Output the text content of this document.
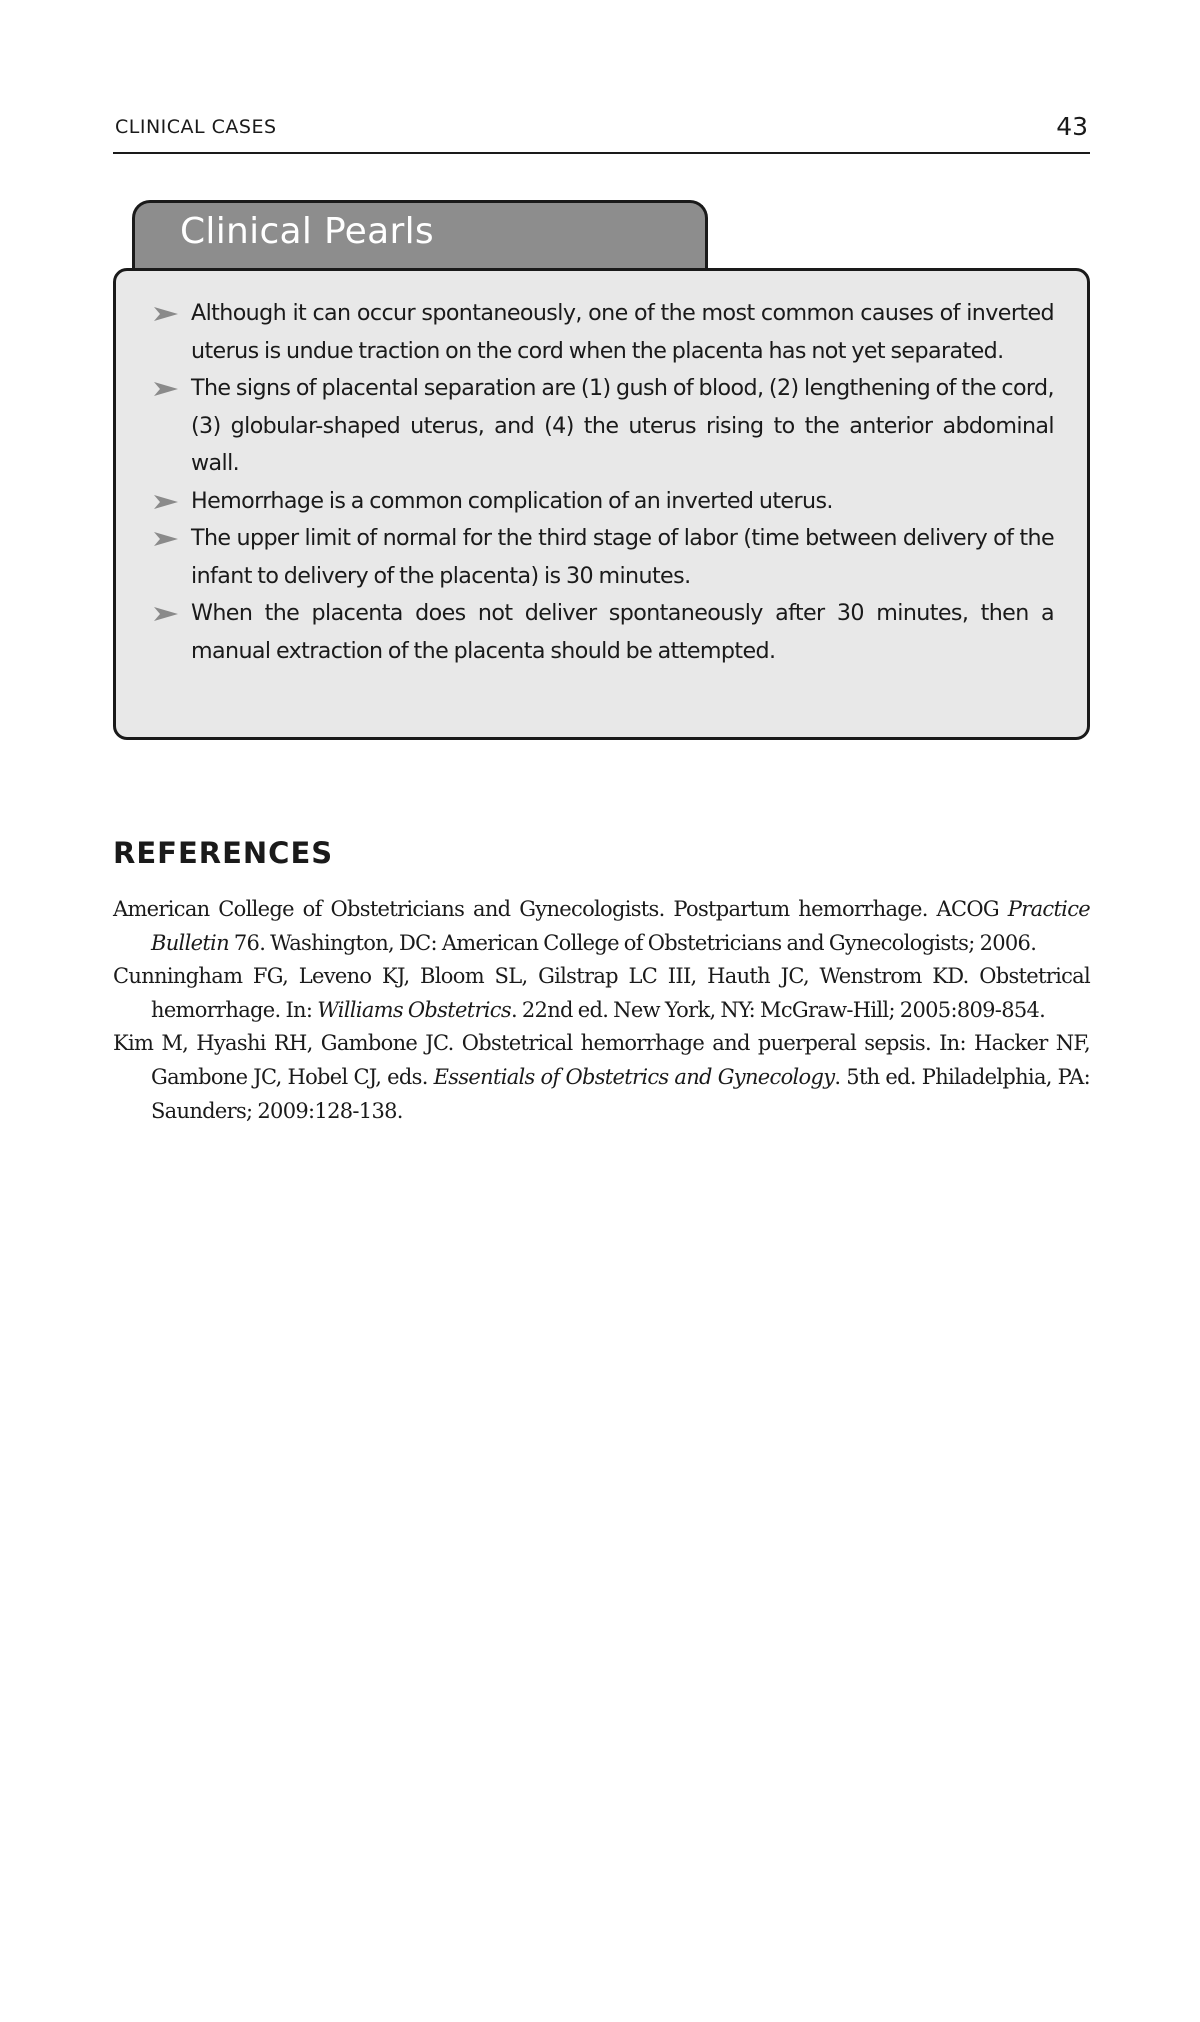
CLINICAL CASES	43
Clinical Pearls
Although it can occur spontaneously, one of the most common causes of inverted uterus is undue traction on the cord when the placenta has not yet separated.
The signs of placental separation are (1) gush of blood, (2) lengthening of the cord, (3) globular-shaped uterus, and (4) the uterus rising to the anterior abdominal wall.
Hemorrhage is a common complication of an inverted uterus.
The upper limit of normal for the third stage of labor (time between delivery of the infant to delivery of the placenta) is 30 minutes.
When the placenta does not deliver spontaneously after 30 minutes, then a manual extraction of the placenta should be attempted.
REFERENCES
American College of Obstetricians and Gynecologists. Postpartum hemorrhage. ACOG Practice Bulletin 76. Washington, DC: American College of Obstetricians and Gynecologists; 2006.
Cunningham FG, Leveno KJ, Bloom SL, Gilstrap LC III, Hauth JC, Wenstrom KD. Obstetrical hemorrhage. In: Williams Obstetrics. 22nd ed. New York, NY: McGraw-Hill; 2005:809-854.
Kim M, Hyashi RH, Gambone JC. Obstetrical hemorrhage and puerperal sepsis. In: Hacker NF, Gambone JC, Hobel CJ, eds. Essentials of Obstetrics and Gynecology. 5th ed. Philadelphia, PA: Saunders; 2009:128-138.
